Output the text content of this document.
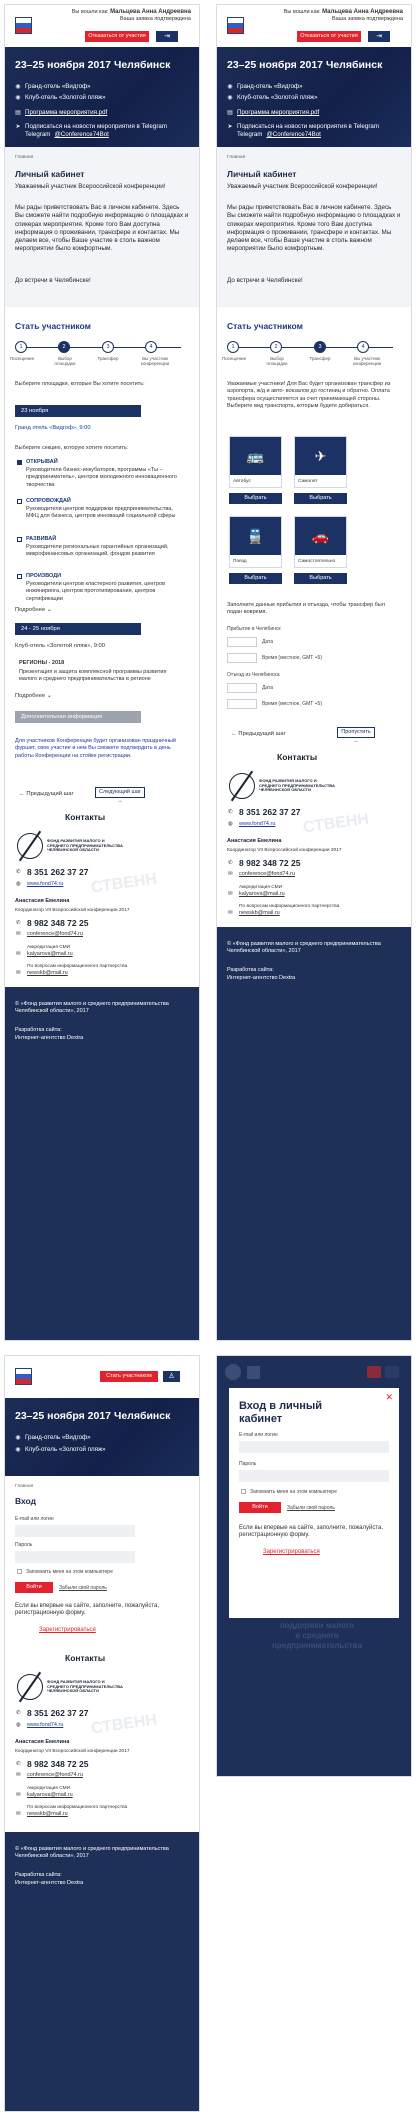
Вы вошли как: Мальцева Анна Андреевна
Ваша заявка подтверждена
Отказаться от участия	⇥
23–25 ноября 2017 Челябинск
◉ Гранд-отель «Видгоф»
◉ Клуб-отель «Золотой пляж»
▤ Программа мероприятия.pdf
➤ Подписаться на новости мероприятия в Telegram
Telegram @Conference74Bot
Главная
Личный кабинет
Уважаемый участник Всероссийской конференции!
Мы рады приветствовать Вас в личном кабинете. Здесь Вы сможете найти подробную информацию о площадках и спикерах мероприятия. Кроме того Вам доступна информация о проживании, трансфере и контактах. Мы делаем все, чтобы Ваше участие в столь важном мероприятии было комфортным.
До встречи в Челябинске!
Стать участником
1	2	3	4
Посещение	Выбор площадки
Трансфер	Вы участник конференции
Выберите площадки, которые Вы хотите посетить:
23 ноября
Гранд отель «Видгоф», 9:00
Выберите секцию, которую хотите посетить:
ОТКРЫВАЙ
Руководители бизнес-инкубаторов, программы «Ты – предприниматель», центров молодежного инновационного творчества
СОПРОВОЖДАЙ
Руководители центров поддержки предпринимательства, МФЦ для бизнеса, центров инноваций социальной сферы
РАЗВИВАЙ
Руководители региональных гарантийных организаций, микрофинансовых организаций, фондов развития
ПРОИЗВОДИ
Руководители центров кластерного развития, центров инжиниринга, центров прототипирования, центров сертификации
Подробнее ⌄
24 - 25 ноября
Клуб-отель «Золотой пляж», 9:00
РЕГИОНЫ - 2018
Презентация и защита комплексной программы развития малого и среднего предпринимательства в регионе
Подробнее ⌄
Дополнительная информация
Для участников Конференции будет организован праздничный фуршет, свое участие в нем Вы сможете подтвердить в день работы Конференции на стойке регистрации.
← Предыдущий шаг	Следующий шаг →
Контакты
СТВЕНН
ФОНД РАЗВИТИЯ МАЛОГО И СРЕДНЕГО ПРЕДПРИНИМАТЕЛЬСТВА ЧЕЛЯБИНСКОЙ ОБЛАСТИ
8 351 262 37 27
✆
www.fond74.ru
◍
Анастасия Емелина
Координатор VII Всероссийской конференции 2017
8 982 348 72 25
✆
conference@fond74.ru
✉
Аккредитация СМИ
kalyarova@mail.ru
✉
По вопросам информационного партнерства
newskb@mail.ru
✉
© «Фонд развития малого и среднего предпринимательства Челябинской области», 2017
Разработка сайта:
Интернет-агентство Dextra
Вы вошли как: Мальцева Анна Андреевна
Ваша заявка подтверждена
Отказаться от участия	⇥
23–25 ноября 2017 Челябинск
◉ Гранд-отель «Видгоф»
◉ Клуб-отель «Золотой пляж»
▤ Программа мероприятия.pdf
➤ Подписаться на новости мероприятия в Telegram
Telegram @Conference74Bot
Главная
Личный кабинет
Уважаемый участник Всероссийской конференции!
Мы рады приветствовать Вас в личном кабинете. Здесь Вы сможете найти подробную информацию о площадках и спикерах мероприятия. Кроме того Вам доступна информация о проживании, трансфере и контактах. Мы делаем все, чтобы Ваше участие в столь важном мероприятии было комфортным.
До встречи в Челябинске!
Стать участником
1	2	3	4
Посещение	Выбор площадки
Трансфер	Вы участник конференции
Уважаемые участники! Для Вас будет организован трансфер из аэропорта, ж/д и авто- вокзалов до гостиниц и обратно. Оплата трансфера осуществляется за счет принимающей стороны. Выберите вид транспорта, которым будете добираться.
🚌
Автобус
✈
Самолет
Выбрать	Выбрать
🚆
Поезд
🚗
Самостоятельно
Выбрать	Выбрать
Заполните данные прибытия и отъезда, чтобы трансфер был подан вовремя.
Прибытие в Челябинск
Дата
Время (местное, GMT +5)
Отъезд из Челябинска
Дата
Время (местное, GMT +5)
← Предыдущий шаг	Пропустить →
Контакты
СТВЕНН
ФОНД РАЗВИТИЯ МАЛОГО И СРЕДНЕГО ПРЕДПРИНИМАТЕЛЬСТВА ЧЕЛЯБИНСКОЙ ОБЛАСТИ
8 351 262 37 27
✆
www.fond74.ru
◍
Анастасия Емелина
Координатор VII Всероссийской конференции 2017
8 982 348 72 25
✆
conference@fond74.ru
✉
Аккредитация СМИ
kalyarova@mail.ru
✉
По вопросам информационного партнерства
newskb@mail.ru
✉
© «Фонд развития малого и среднего предпринимательства Челябинской области», 2017
Разработка сайта:
Интернет-агентство Dextra
Стать участником	♙
23–25 ноября 2017 Челябинск
◉ Гранд-отель «Видгоф»
◉ Клуб-отель «Золотой пляж»
Главная
Вход
E-mail или логин
Пароль
Запомнить меня на этом компьютере
Войти	Забыли свой пароль
Если вы впервые на сайте, заполните, пожалуйста, регистрационную форму.
Зарегистрироваться
Контакты
СТВЕНН
ФОНД РАЗВИТИЯ МАЛОГО И СРЕДНЕГО ПРЕДПРИНИМАТЕЛЬСТВА ЧЕЛЯБИНСКОЙ ОБЛАСТИ
8 351 262 37 27
✆
www.fond74.ru
◍
Анастасия Емелина
Координатор VII Всероссийской конференции 2017
8 982 348 72 25
✆
conference@fond74.ru
✉
Аккредитация СМИ
kalyarova@mail.ru
✉
По вопросам информационного партнерства
newskb@mail.ru
✉
© «Фонд развития малого и среднего предпринимательства Челябинской области», 2017
Разработка сайта:
Интернет-агентство Dextra
✕
Вход в личный кабинет
E-mail или логин
Пароль
Запомнить меня на этом компьютере
Войти	Забыли свой пароль
Если вы впервые на сайте, заполните, пожалуйста, регистрационную форму.
Зарегистрироваться
поддержки малого
и среднего
предпринимательства
